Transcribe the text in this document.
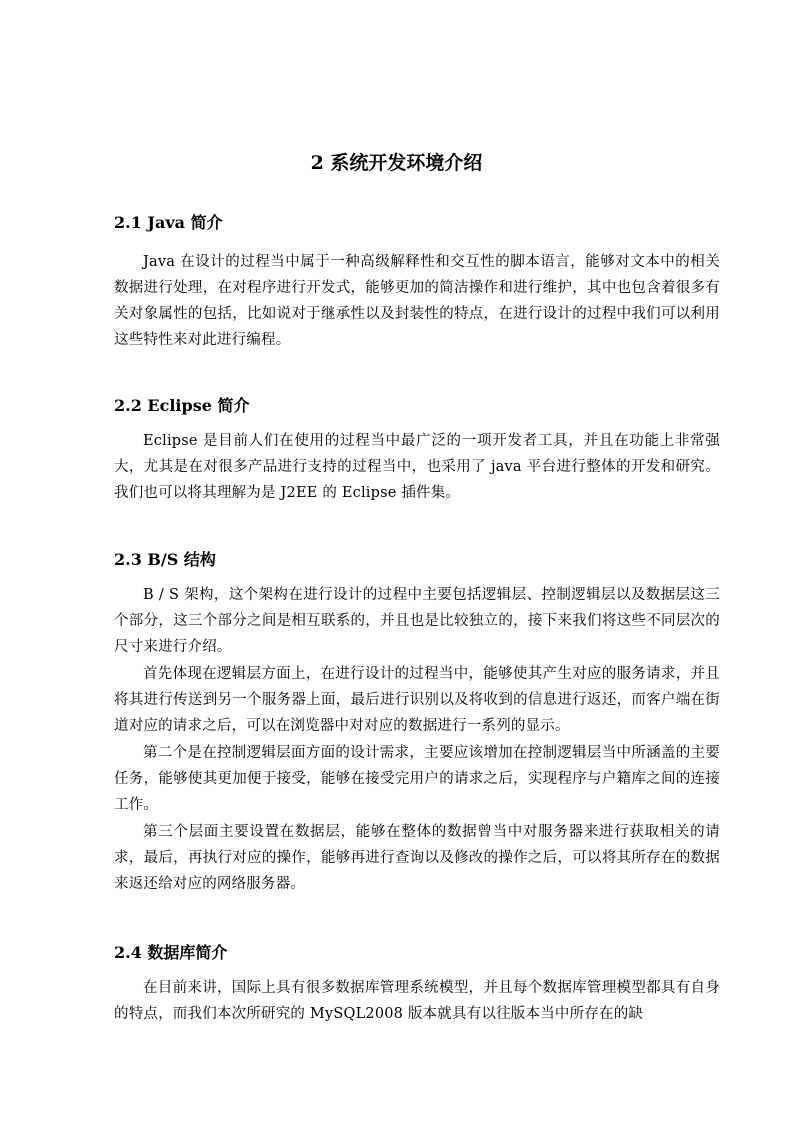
2 系统开发环境介绍
2.1 Java 简介

Java 在设计的过程当中属于一种高级解释性和交互性的脚本语言，能够对文本中的相关数据进行处理，在对程序进行开发式，能够更加的简洁操作和进行维护，其中也包含着很多有关对象属性的包括，比如说对于继承性以及封装性的特点，在进行设计的过程中我们可以利用这些特性来对此进行编程。

2.2 Eclipse 简介

Eclipse 是目前人们在使用的过程当中最广泛的一项开发者工具，并且在功能上非常强大，尤其是在对很多产品进行支持的过程当中，也采用了 java 平台进行整体的开发和研究。我们也可以将其理解为是 J2EE 的 Eclipse 插件集。

2.3 B/S 结构

B / S 架构，这个架构在进行设计的过程中主要包括逻辑层、控制逻辑层以及数据层这三个部分，这三个部分之间是相互联系的，并且也是比较独立的，接下来我们将这些不同层次的尺寸来进行介绍。

首先体现在逻辑层方面上，在进行设计的过程当中，能够使其产生对应的服务请求，并且将其进行传送到另一个服务器上面，最后进行识别以及将收到的信息进行返还，而客户端在街道对应的请求之后，可以在浏览器中对对应的数据进行一系列的显示。

第二个是在控制逻辑层面方面的设计需求，主要应该增加在控制逻辑层当中所涵盖的主要任务，能够使其更加便于接受，能够在接受完用户的请求之后，实现程序与户籍库之间的连接工作。

第三个层面主要设置在数据层，能够在整体的数据曾当中对服务器来进行获取相关的请求，最后，再执行对应的操作，能够再进行查询以及修改的操作之后，可以将其所存在的数据来返还给对应的网络服务器。

2.4 数据库简介

在目前来讲，国际上具有很多数据库管理系统模型，并且每个数据库管理模型都具有自身的特点，而我们本次所研究的 MySQL2008 版本就具有以往版本当中所存在的缺
